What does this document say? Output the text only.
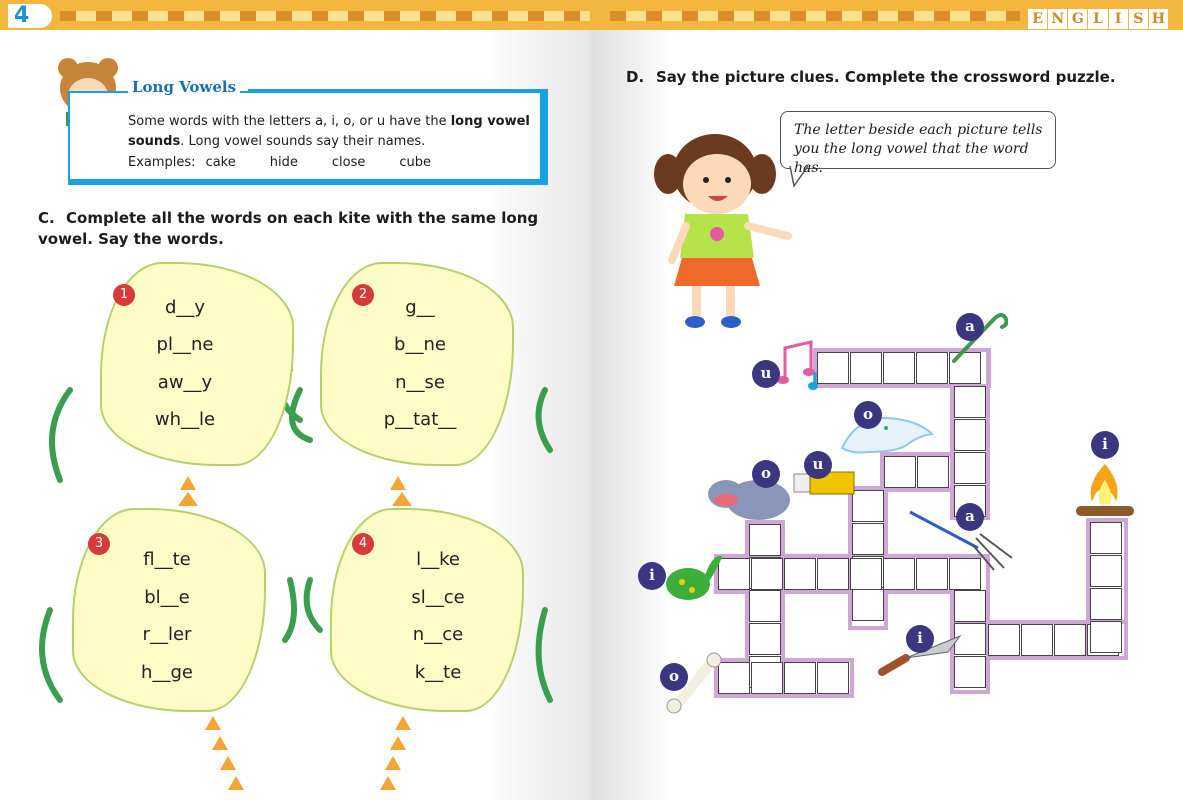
4	E N G L I S H
Long Vowels
Some words with the letters a, i, o, or u have the long vowel sounds. Long vowel sounds say their names.
Examples: cake	hide	close	cube
C. Complete all the words on each kite with the same long vowel. Say the words.
1
d__y
pl__ne
aw__y
wh__le
2
g__
b__ne
n__se
p__tat__
3
fl__te
bl__e
r__ler
h__ge
4
l__ke
sl__ce
n__ce
k__te
D. Say the picture clues. Complete the crossword puzzle.
The letter beside each picture tells you the long vowel that the word has.
a
u
o
u
o
i
a
i
i
o
